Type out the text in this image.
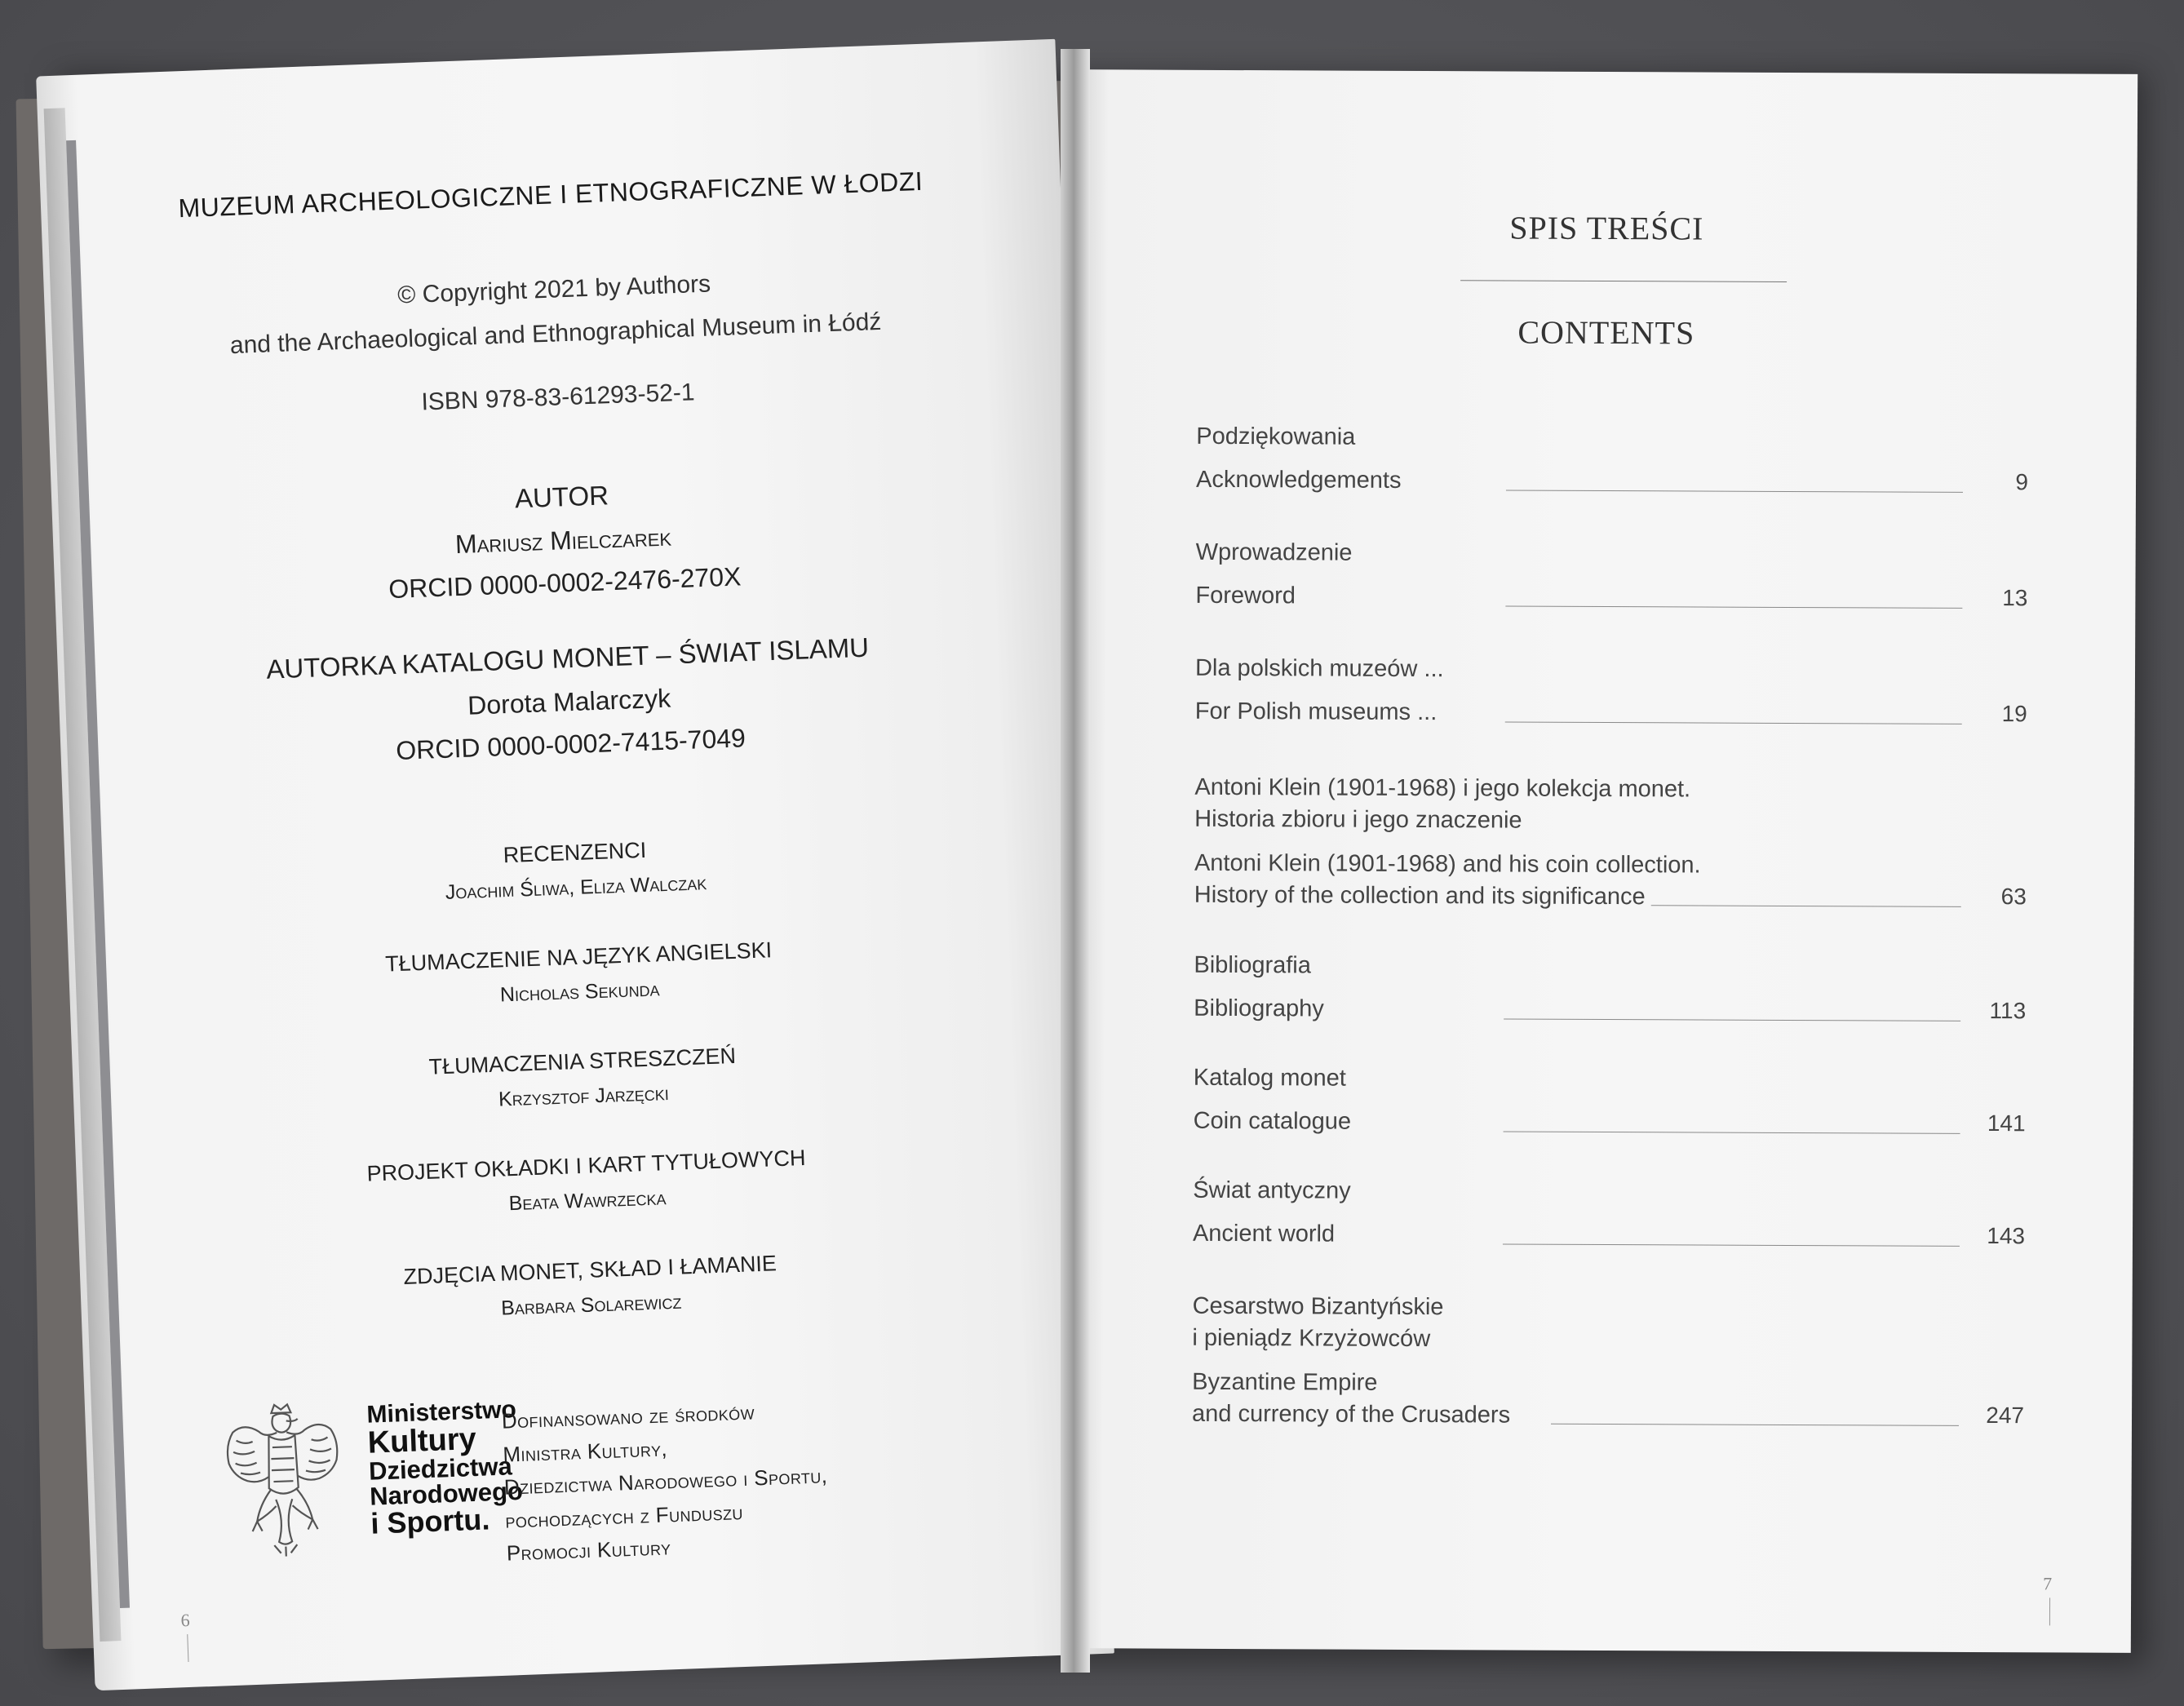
MUZEUM ARCHEOLOGICZNE I ETNOGRAFICZNE W ŁODZI
© Copyright 2021 by Authors
and the Archaeological and Ethnographical Museum in Łódź
ISBN 978-83-61293-52-1
AUTOR
Mariusz Mielczarek
ORCID 0000-0002-2476-270X
AUTORKA KATALOGU MONET – ŚWIAT ISLAMU
Dorota Malarczyk
ORCID 0000-0002-7415-7049
RECENZENCI
Joachim Śliwa, Eliza Walczak
TŁUMACZENIE NA JĘZYK ANGIELSKI
Nicholas Sekunda
TŁUMACZENIA STRESZCZEŃ
Krzysztof Jarzęcki
PROJEKT OKŁADKI I KART TYTUŁOWYCH
Beata Wawrzecka
ZDJĘCIA MONET, SKŁAD I ŁAMANIE
Barbara Solarewicz
Ministerstwo
Kultury
Dziedzictwa
Narodowego
i Sportu.
Dofinansowano ze środków
Ministra Kultury,
Dziedzictwa Narodowego i Sportu,
pochodzących z Funduszu
Promocji Kultury
6
SPIS TREŚCI
CONTENTS
Podziękowania
Acknowledgements	9
Wprowadzenie
Foreword	13
Dla polskich muzeów ...
For Polish museums ...	19
Antoni Klein (1901-1968) i jego kolekcja monet.
Historia zbioru i jego znaczenie
Antoni Klein (1901-1968) and his coin collection.
History of the collection and its significance	63
Bibliografia
Bibliography	113
Katalog monet
Coin catalogue	141
Świat antyczny
Ancient world	143
Cesarstwo Bizantyńskie
i pieniądz Krzyżowców
Byzantine Empire
and currency of the Crusaders	247
7
